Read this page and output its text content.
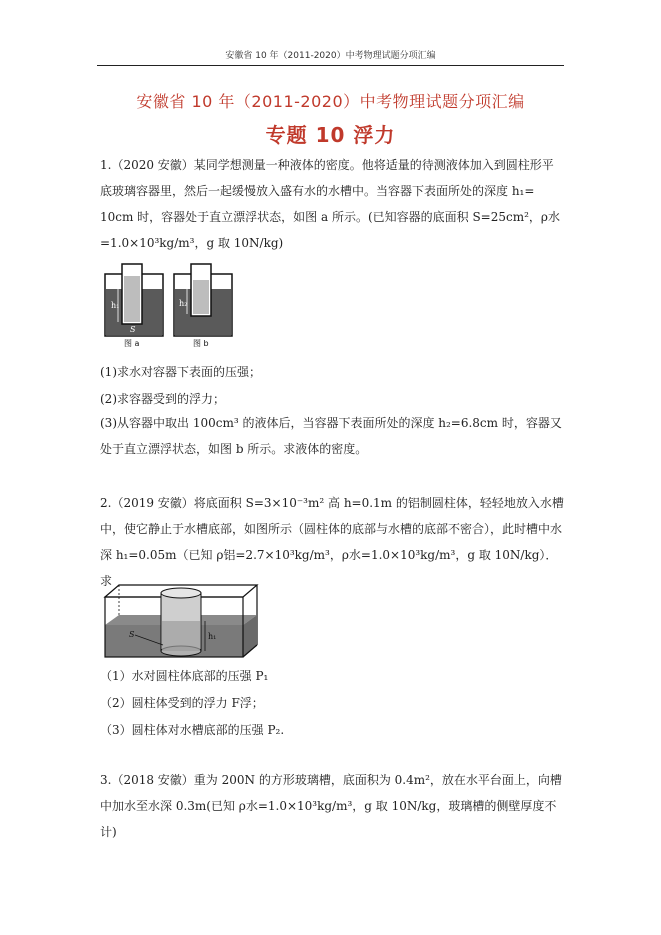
安徽省 10 年（2011-2020）中考物理试题分项汇编
安徽省 10 年（2011-2020）中考物理试题分项汇编
专题 10 浮力
1.（2020 安徽）某同学想测量一种液体的密度。他将适量的待测液体加入到圆柱形平底玻璃容器里，然后一起缓慢放入盛有水的水槽中。当容器下表面所处的深度 h₁= 10cm 时，容器处于直立漂浮状态，如图 a 所示。(已知容器的底面积 S=25cm²，ρ水=1.0×10³kg/m³，g 取 10N/kg)
h₁
S
图 a
h₂
图 b
(1)求水对容器下表面的压强；
(2)求容器受到的浮力；
(3)从容器中取出 100cm³ 的液体后，当容器下表面所处的深度 h₂=6.8cm 时，容器又处于直立漂浮状态，如图 b 所示。求液体的密度。
2.（2019 安徽）将底面积 S=3×10⁻³m² 高 h=0.1m 的铝制圆柱体，轻轻地放入水槽中，使它静止于水槽底部，如图所示（圆柱体的底部与水槽的底部不密合），此时槽中水深 h₁=0.05m（已知 ρ铝=2.7×10³kg/m³，ρ水=1.0×10³kg/m³，g 取 10N/kg）．求
h₁
S
（1）水对圆柱体底部的压强 P₁
（2）圆柱体受到的浮力 F浮；
（3）圆柱体对水槽底部的压强 P₂.
3.（2018 安徽）重为 200N 的方形玻璃槽，底面积为 0.4m²，放在水平台面上，向槽中加水至水深 0.3m(已知 ρ水=1.0×10³kg/m³，g 取 10N/kg，玻璃槽的侧壁厚度不计)
